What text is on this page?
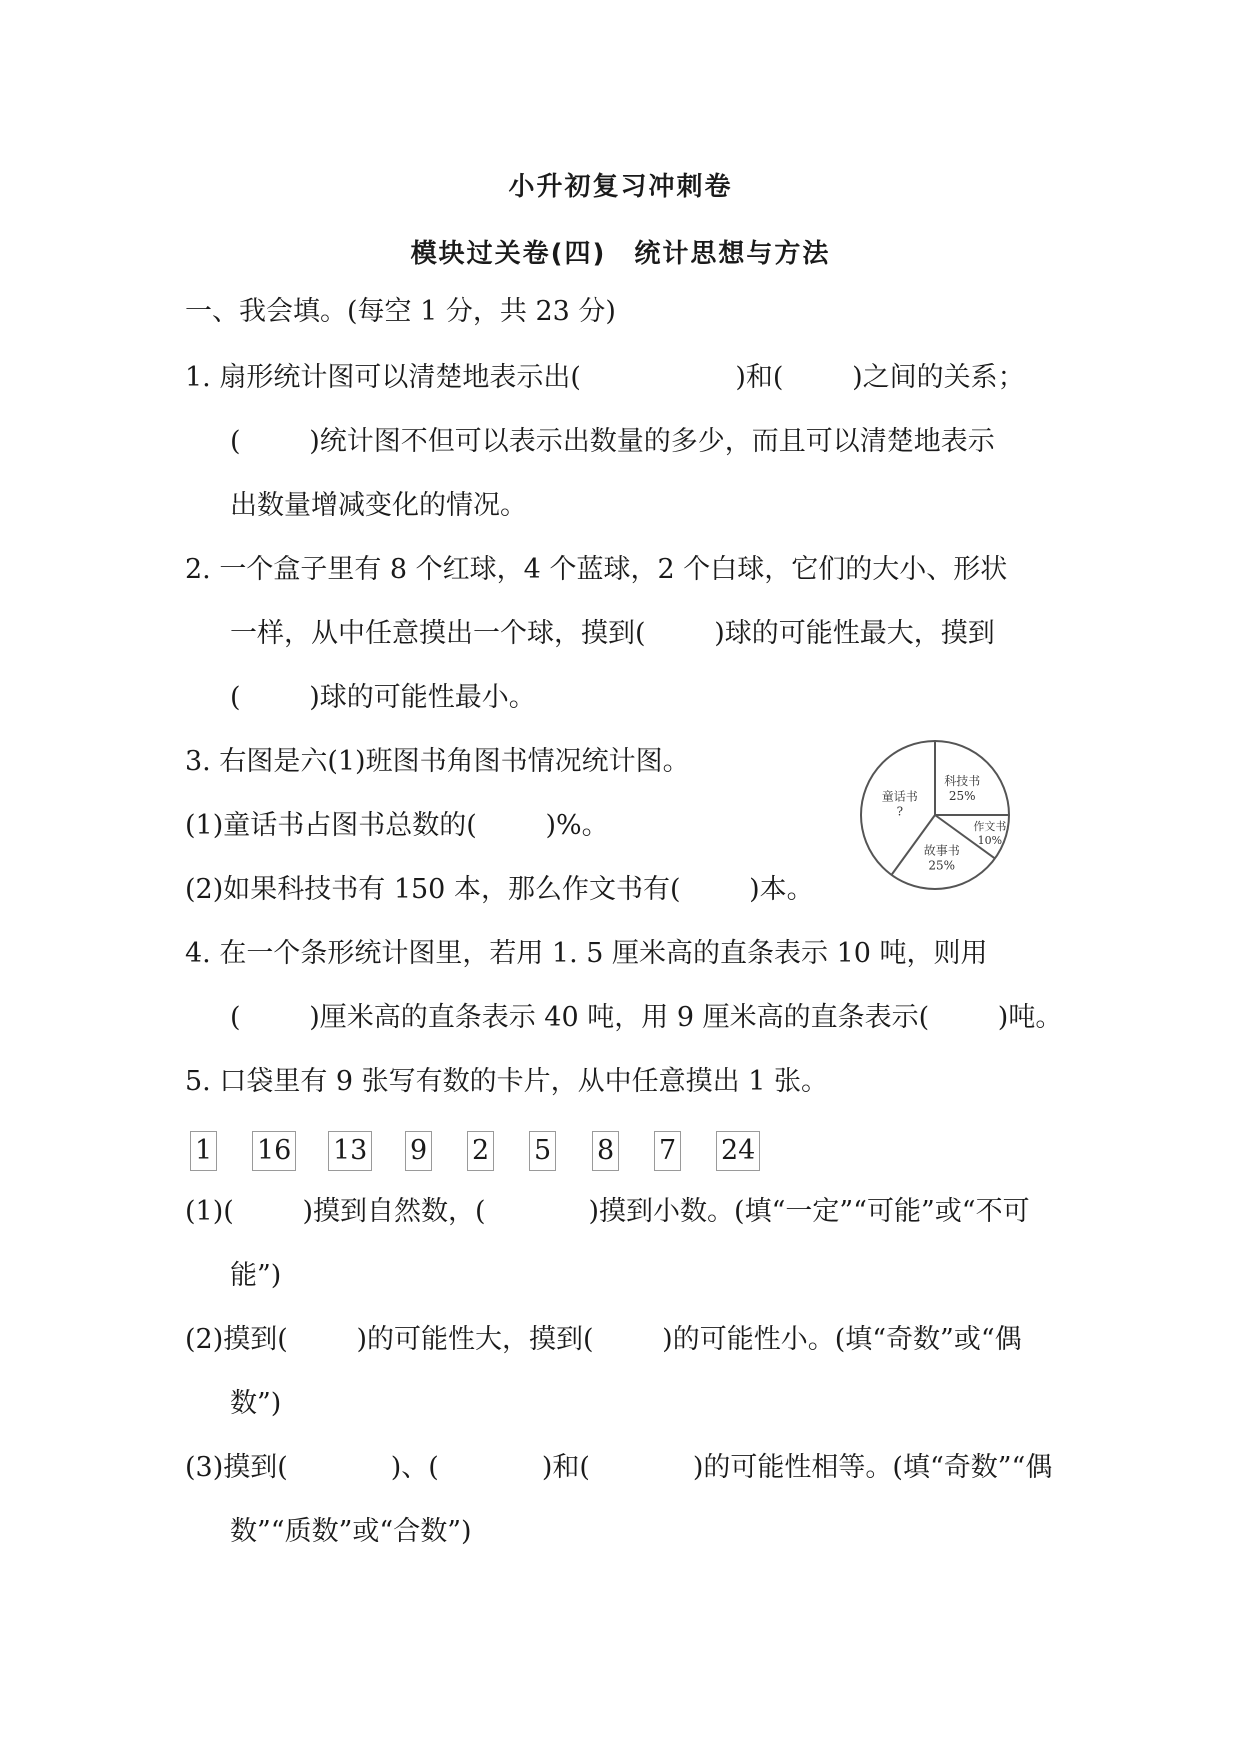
小升初复习冲刺卷
模块过关卷(四)　统计思想与方法
一、我会填。(每空 1 分，共 23 分)
1. 扇形统计图可以清楚地表示出(                  )和(        )之间的关系；
(        )统计图不但可以表示出数量的多少，而且可以清楚地表示
出数量增减变化的情况。
2. 一个盒子里有 8 个红球，4 个蓝球，2 个白球，它们的大小、形状
一样，从中任意摸出一个球，摸到(        )球的可能性最大，摸到
(        )球的可能性最小。
3. 右图是六(1)班图书角图书情况统计图。
(1)童话书占图书总数的(        )%。
(2)如果科技书有 150 本，那么作文书有(        )本。
童话书
?
科技书
25%
作文书
10%
故事书
25%
4. 在一个条形统计图里，若用 1. 5 厘米高的直条表示 10 吨，则用
(        )厘米高的直条表示 40 吨，用 9 厘米高的直条表示(        )吨。
5. 口袋里有 9 张写有数的卡片，从中任意摸出 1 张。
1 16 13 9 2 5 8 7 24
(1)(        )摸到自然数，(            )摸到小数。(填“一定”“可能”或“不可
能”)
(2)摸到(        )的可能性大，摸到(        )的可能性小。(填“奇数”或“偶
数”)
(3)摸到(            )、(            )和(            )的可能性相等。(填“奇数”“偶
数”“质数”或“合数”)
